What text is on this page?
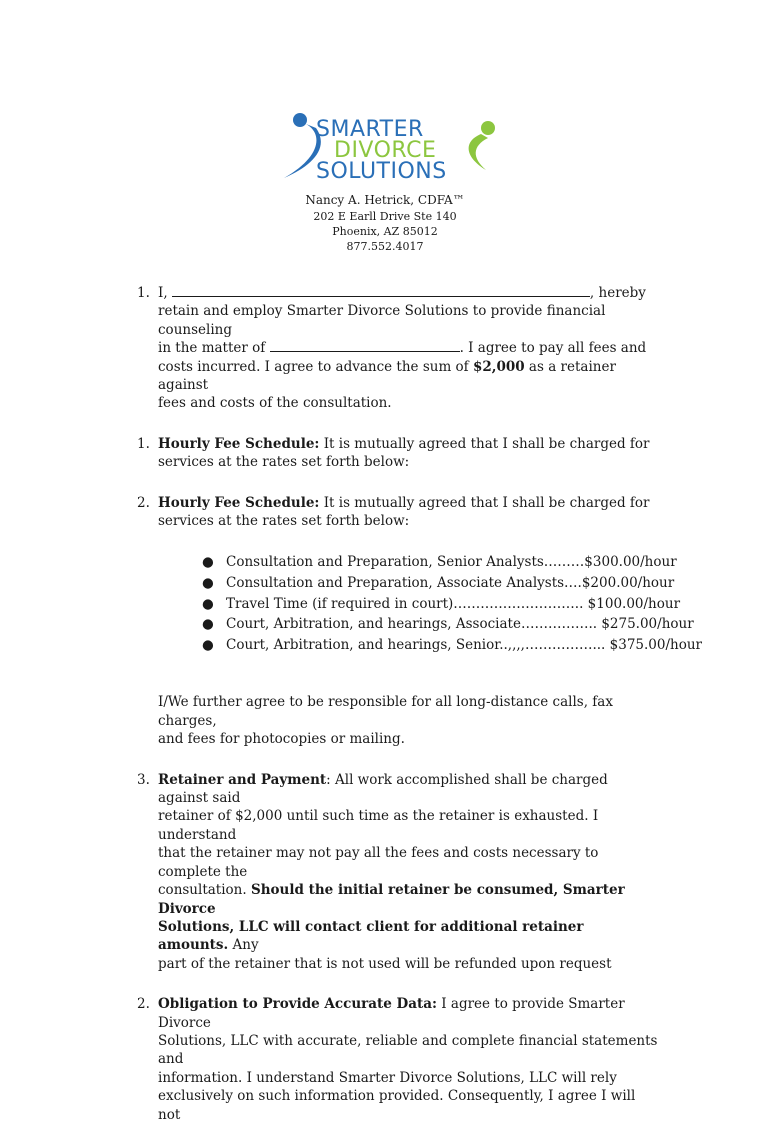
SMARTER
DIVORCE
SOLUTIONS
Nancy A. Hetrick, CDFA™
202 E Earll Drive Ste 140
Phoenix, AZ 85012
877.552.4017
1. I,	, hereby
retain and employ Smarter Divorce Solutions to provide financial counseling
in the matter of	. I agree to pay all fees and
costs incurred. I agree to advance the sum of $2,000 as a retainer against
fees and costs of the consultation.
1. Hourly Fee Schedule: It is mutually agreed that I shall be charged for
services at the rates set forth below:
2. Hourly Fee Schedule: It is mutually agreed that I shall be charged for
services at the rates set forth below:
● Consultation and Preparation, Senior Analysts………$300.00/hour
● Consultation and Preparation, Associate Analysts….$200.00/hour
● Travel Time (if required in court)……………………….. $100.00/hour
● Court, Arbitration, and hearings, Associate…………….. $275.00/hour
● Court, Arbitration, and hearings, Senior..,,,,……………... $375.00/hour
I/We further agree to be responsible for all long-distance calls, fax charges,
and fees for photocopies or mailing.
3. Retainer and Payment: All work accomplished shall be charged against said
retainer of $2,000 until such time as the retainer is exhausted. I understand
that the retainer may not pay all the fees and costs necessary to complete the
consultation. Should the initial retainer be consumed, Smarter Divorce
Solutions, LLC will contact client for additional retainer amounts. Any
part of the retainer that is not used will be refunded upon request
2. Obligation to Provide Accurate Data: I agree to provide Smarter Divorce
Solutions, LLC with accurate, reliable and complete financial statements and
information. I understand Smarter Divorce Solutions, LLC will rely
exclusively on such information provided. Consequently, I agree I will not
